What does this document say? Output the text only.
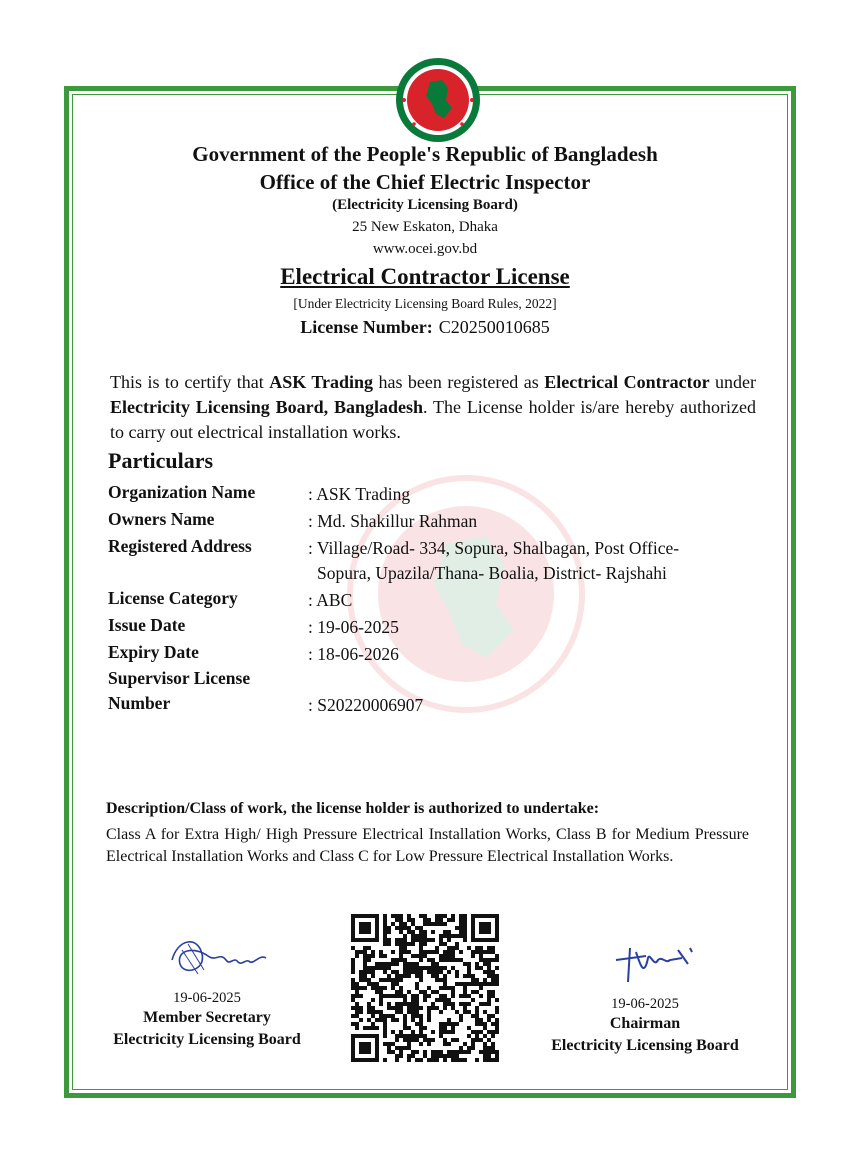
Government of the People's Republic of Bangladesh
Office of the Chief Electric Inspector
(Electricity Licensing Board)
25 New Eskaton, Dhaka
www.ocei.gov.bd
Electrical Contractor License
[Under Electricity Licensing Board Rules, 2022]
License Number: C20250010685
This is to certify that ASK Trading has been registered as Electrical Contractor under Electricity Licensing Board, Bangladesh. The License holder is/are hereby authorized to carry out electrical installation works.
Particulars
Organization Name	: ASK Trading
Owners Name	: Md. Shakillur Rahman
Registered Address	: Village/Road- 334, Sopura, Shalbagan, Post Office-
Sopura, Upazila/Thana- Boalia, District- Rajshahi
License Category	: ABC
Issue Date	: 19-06-2025
Expiry Date	: 18-06-2026
Supervisor License
Number	: S20220006907
Description/Class of work, the license holder is authorized to undertake:
Class A for Extra High/ High Pressure Electrical Installation Works, Class B for Medium Pressure Electrical Installation Works and Class C for Low Pressure Electrical Installation Works.
19-06-2025
Member Secretary
Electricity Licensing Board
19-06-2025
Chairman
Electricity Licensing Board
